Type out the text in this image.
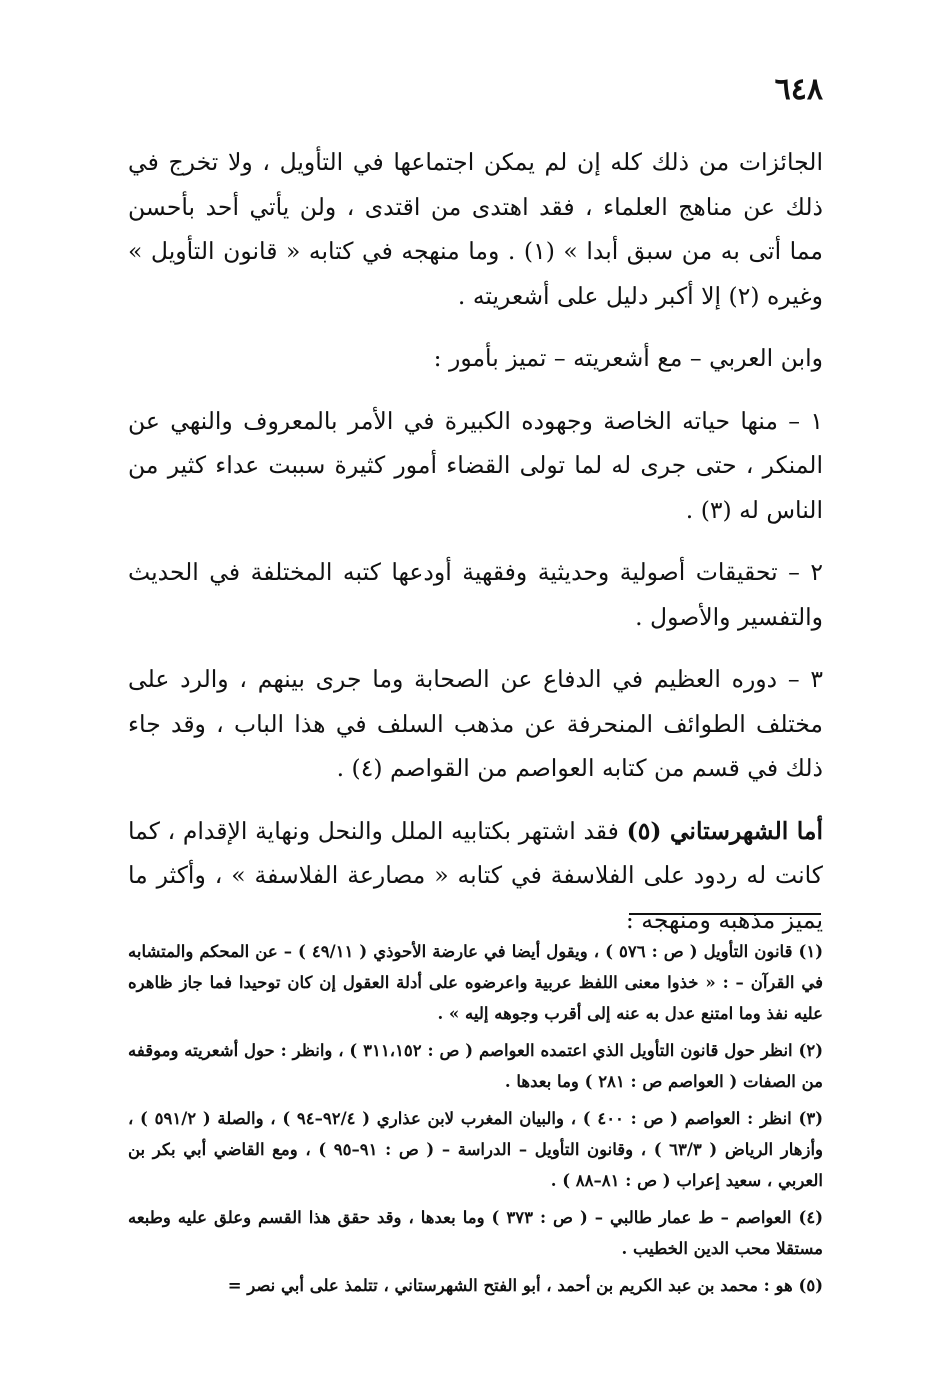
٦٤٨

الجائزات من ذلك كله إن لم يمكن اجتماعها في التأويل ، ولا تخرج في ذلك عن مناهج العلماء ، فقد اهتدى من اقتدى ، ولن يأتي أحد بأحسن مما أتى به من سبق أبدا » (١) . وما منهجه في كتابه « قانون التأويل » وغيره (٢) إلا أكبر دليل على أشعريته .

وابن العربي – مع أشعريته – تميز بأمور :

١ – منها حياته الخاصة وجهوده الكبيرة في الأمر بالمعروف والنهي عن المنكر ، حتى جرى له لما تولى القضاء أمور كثيرة سببت عداء كثير من الناس له (٣) .

٢ – تحقيقات أصولية وحديثية وفقهية أودعها كتبه المختلفة في الحديث والتفسير والأصول .

٣ – دوره العظيم في الدفاع عن الصحابة وما جرى بينهم ، والرد على مختلف الطوائف المنحرفة عن مذهب السلف في هذا الباب ، وقد جاء ذلك في قسم من كتابه العواصم من القواصم (٤) .

أما الشهرستاني (٥) فقد اشتهر بكتابيه الملل والنحل ونهاية الإقدام ، كما كانت له ردود على الفلاسفة في كتابه « مصارعة الفلاسفة » ، وأكثر ما يميز مذهبه ومنهجه :

(١) قانون التأويل ( ص : ٥٧٦ ) ، ويقول أيضا في عارضة الأحوذي ( ٤٩/١١ ) – عن المحكم والمتشابه في القرآن – : « خذوا معنى اللفظ عربية واعرضوه على أدلة العقول إن كان توحيدا فما جاز ظاهره عليه نفذ وما امتنع عدل به عنه إلى أقرب وجوهه إليه » .

(٢) انظر حول قانون التأويل الذي اعتمده العواصم ( ص : ٣١١،١٥٢ ) ، وانظر : حول أشعريته وموقفه من الصفات ( العواصم ص : ٢٨١ ) وما بعدها .

(٣) انظر : العواصم ( ص : ٤٠٠ ) ، والبيان المغرب لابن عذاري ( ٩٢/٤–٩٤ ) ، والصلة ( ٥٩١/٢ ) ، وأزهار الرياض ( ٦٣/٣ ) ، وقانون التأويل – الدراسة – ( ص : ٩١–٩٥ ) ، ومع القاضي أبي بكر بن العربي ، سعيد إعراب ( ص : ٨١–٨٨ ) .

(٤) العواصم – ط عمار طالبي – ( ص : ٣٧٣ ) وما بعدها ، وقد حقق هذا القسم وعلق عليه وطبعه مستقلا محب الدين الخطيب .

(٥) هو : محمد بن عبد الكريم بن أحمد ، أبو الفتح الشهرستاني ، تتلمذ على أبي نصر =
